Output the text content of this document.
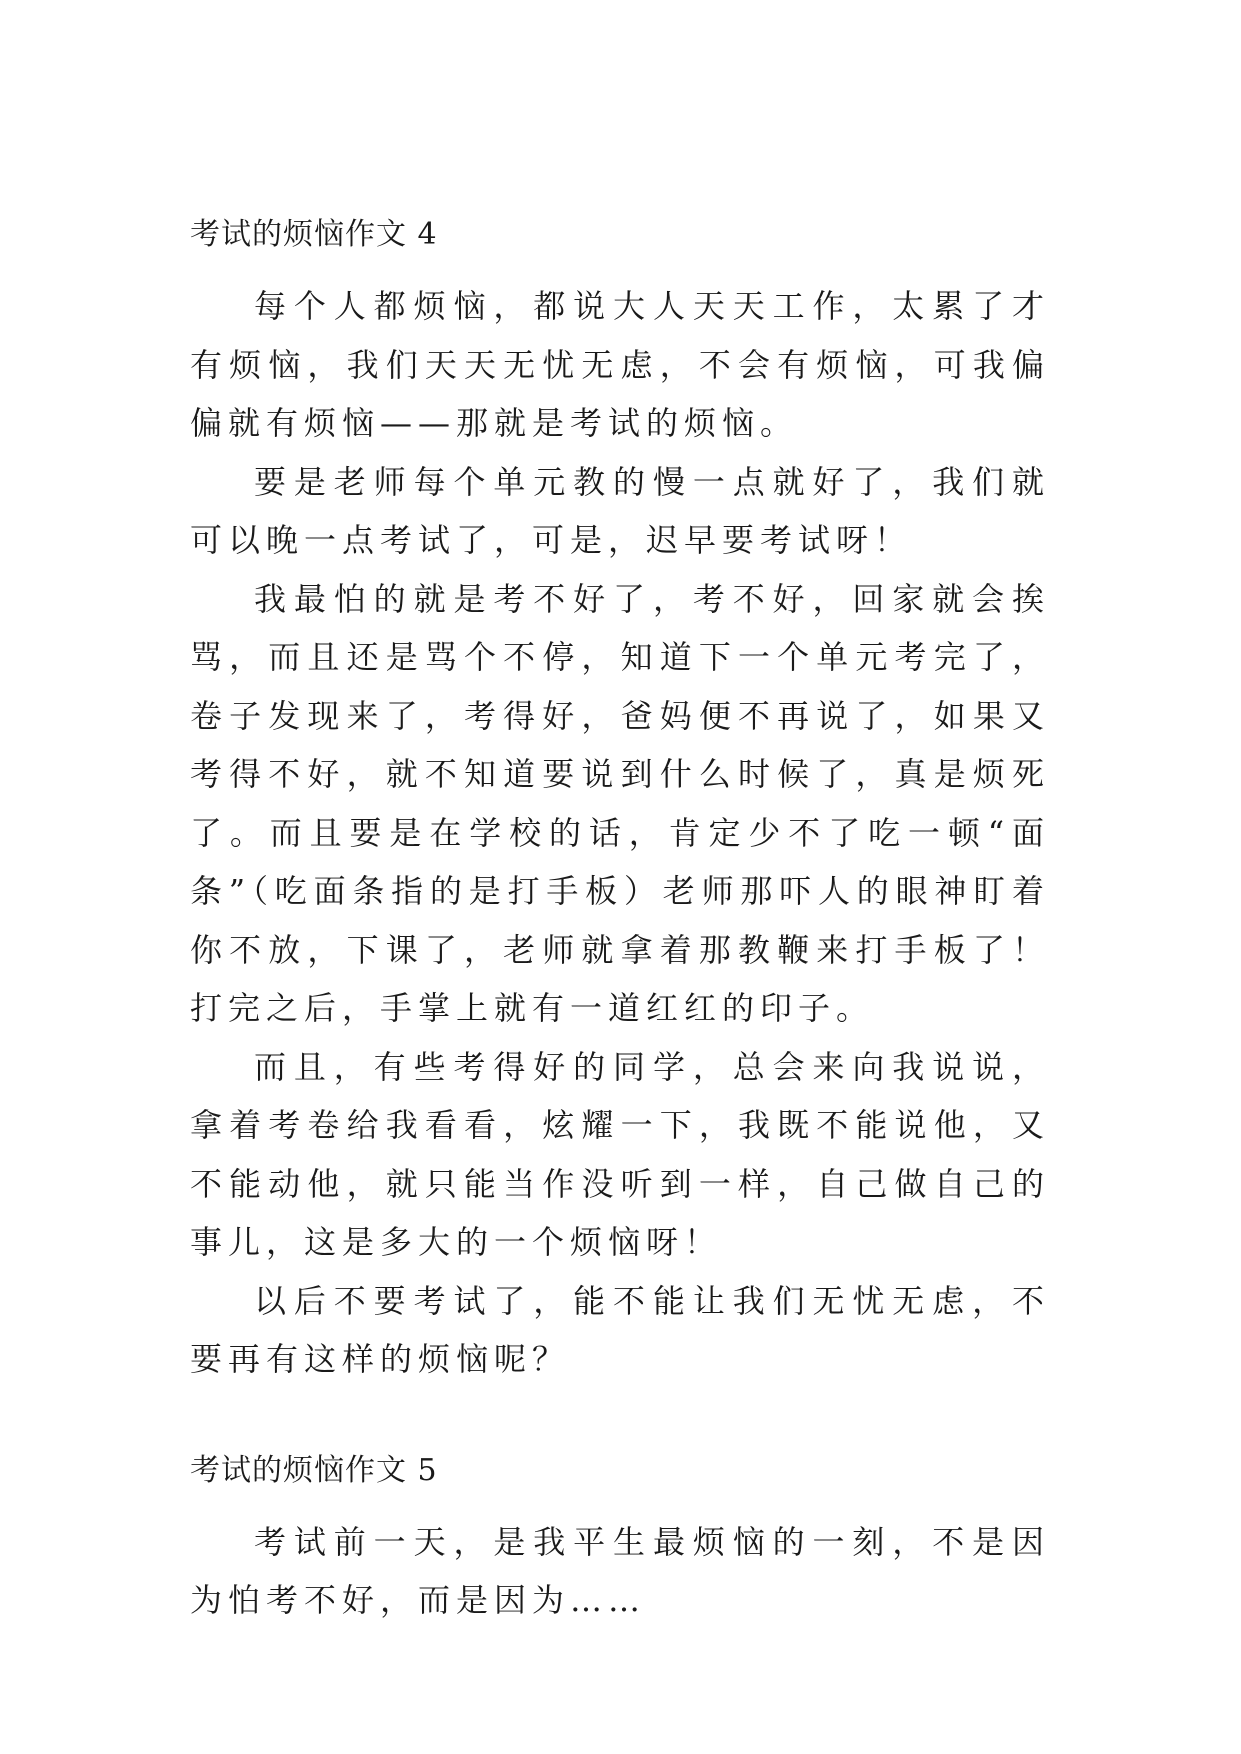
考试的烦恼作文 4

每个人都烦恼，都说大人天天工作，太累了才有烦恼，我们天天无忧无虑，不会有烦恼，可我偏偏就有烦恼——那就是考试的烦恼。

要是老师每个单元教的慢一点就好了，我们就可以晚一点考试了，可是，迟早要考试呀！

我最怕的就是考不好了，考不好，回家就会挨骂，而且还是骂个不停，知道下一个单元考完了，卷子发现来了，考得好，爸妈便不再说了，如果又考得不好，就不知道要说到什么时候了，真是烦死了。而且要是在学校的话，肯定少不了吃一顿“面条”（吃面条指的是打手板）老师那吓人的眼神盯着你不放，下课了，老师就拿着那教鞭来打手板了！打完之后，手掌上就有一道红红的印子。

而且，有些考得好的同学，总会来向我说说，拿着考卷给我看看，炫耀一下，我既不能说他，又不能动他，就只能当作没听到一样，自己做自己的事儿，这是多大的一个烦恼呀！

以后不要考试了，能不能让我们无忧无虑，不要再有这样的烦恼呢？

考试的烦恼作文 5

考试前一天，是我平生最烦恼的一刻，不是因为怕考不好，而是因为……
